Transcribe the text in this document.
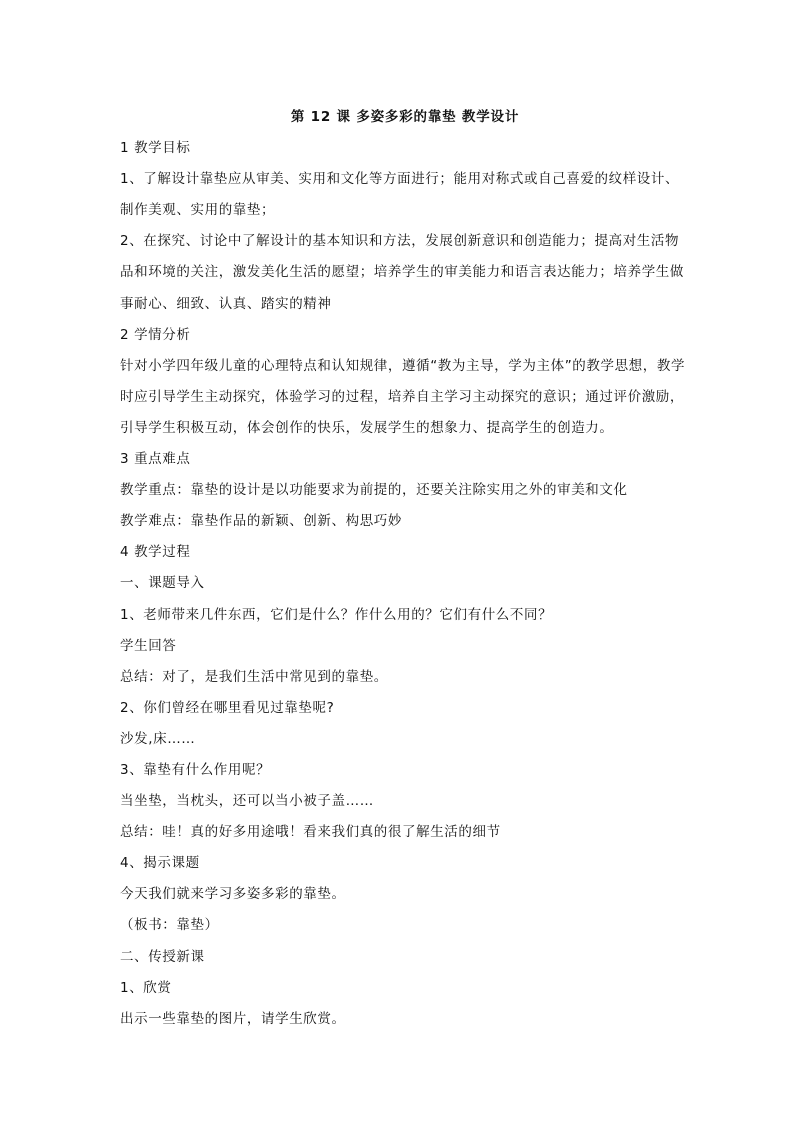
第 12 课 多姿多彩的靠垫 教学设计

1 教学目标

1、了解设计靠垫应从审美、实用和文化等方面进行；能用对称式或自己喜爱的纹样设计、

制作美观、实用的靠垫；

2、在探究、讨论中了解设计的基本知识和方法，发展创新意识和创造能力；提高对生活物

品和环境的关注，激发美化生活的愿望；培养学生的审美能力和语言表达能力；培养学生做

事耐心、细致、认真、踏实的精神

2 学情分析

针对小学四年级儿童的心理特点和认知规律，遵循“教为主导，学为主体”的教学思想，教学

时应引导学生主动探究，体验学习的过程，培养自主学习主动探究的意识；通过评价激励，

引导学生积极互动，体会创作的快乐，发展学生的想象力、提高学生的创造力。

3 重点难点

教学重点：靠垫的设计是以功能要求为前提的，还要关注除实用之外的审美和文化

教学难点：靠垫作品的新颖、创新、构思巧妙

4 教学过程

一、课题导入

1、老师带来几件东西，它们是什么？作什么用的？它们有什么不同？

学生回答

总结：对了，是我们生活中常见到的靠垫。

2、你们曾经在哪里看见过靠垫呢?

沙发,床……

3、靠垫有什么作用呢？

当坐垫，当枕头，还可以当小被子盖……

总结：哇！真的好多用途哦！看来我们真的很了解生活的细节

4、揭示课题

今天我们就来学习多姿多彩的靠垫。

（板书：靠垫）

二、传授新课

1、欣赏

出示一些靠垫的图片，请学生欣赏。
